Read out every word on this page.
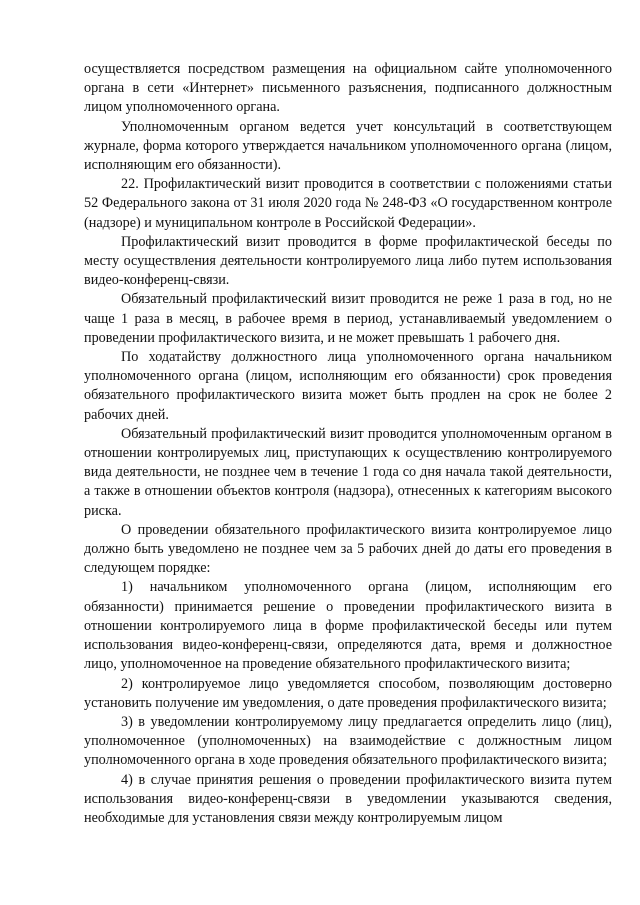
осуществляется посредством размещения на официальном сайте уполномоченного органа в сети «Интернет» письменного разъяснения, подписанного должностным лицом уполномоченного органа.

Уполномоченным органом ведется учет консультаций в соответствующем журнале, форма которого утверждается начальником уполномоченного органа (лицом, исполняющим его обязанности).

22. Профилактический визит проводится в соответствии с положениями статьи 52 Федерального закона от 31 июля 2020 года № 248-ФЗ «О государственном контроле (надзоре) и муниципальном контроле в Российской Федерации».

Профилактический визит проводится в форме профилактической беседы по месту осуществления деятельности контролируемого лица либо путем использования видео-конференц-связи.

Обязательный профилактический визит проводится не реже 1 раза в год, но не чаще 1 раза в месяц, в рабочее время в период, устанавливаемый уведомлением о проведении профилактического визита, и не может превышать 1 рабочего дня.

По ходатайству должностного лица уполномоченного органа начальником уполномоченного органа (лицом, исполняющим его обязанности) срок проведения обязательного профилактического визита может быть продлен на срок не более 2 рабочих дней.

Обязательный профилактический визит проводится уполномоченным органом в отношении контролируемых лиц, приступающих к осуществлению контролируемого вида деятельности, не позднее чем в течение 1 года со дня начала такой деятельности, а также в отношении объектов контроля (надзора), отнесенных к категориям высокого риска.

О проведении обязательного профилактического визита контролируемое лицо должно быть уведомлено не позднее чем за 5 рабочих дней до даты его проведения в следующем порядке:

1) начальником уполномоченного органа (лицом, исполняющим его обязанности) принимается решение о проведении профилактического визита в отношении контролируемого лица в форме профилактической беседы или путем использования видео-конференц-связи, определяются дата, время и должностное лицо, уполномоченное на проведение обязательного профилактического визита;

2) контролируемое лицо уведомляется способом, позволяющим достоверно установить получение им уведомления, о дате проведения профилактического визита;

3) в уведомлении контролируемому лицу предлагается определить лицо (лиц), уполномоченное (уполномоченных) на взаимодействие с должностным лицом уполномоченного органа в ходе проведения обязательного профилактического визита;

4) в случае принятия решения о проведении профилактического визита путем использования видео-конференц-связи в уведомлении указываются сведения, необходимые для установления связи между контролируемым лицом
